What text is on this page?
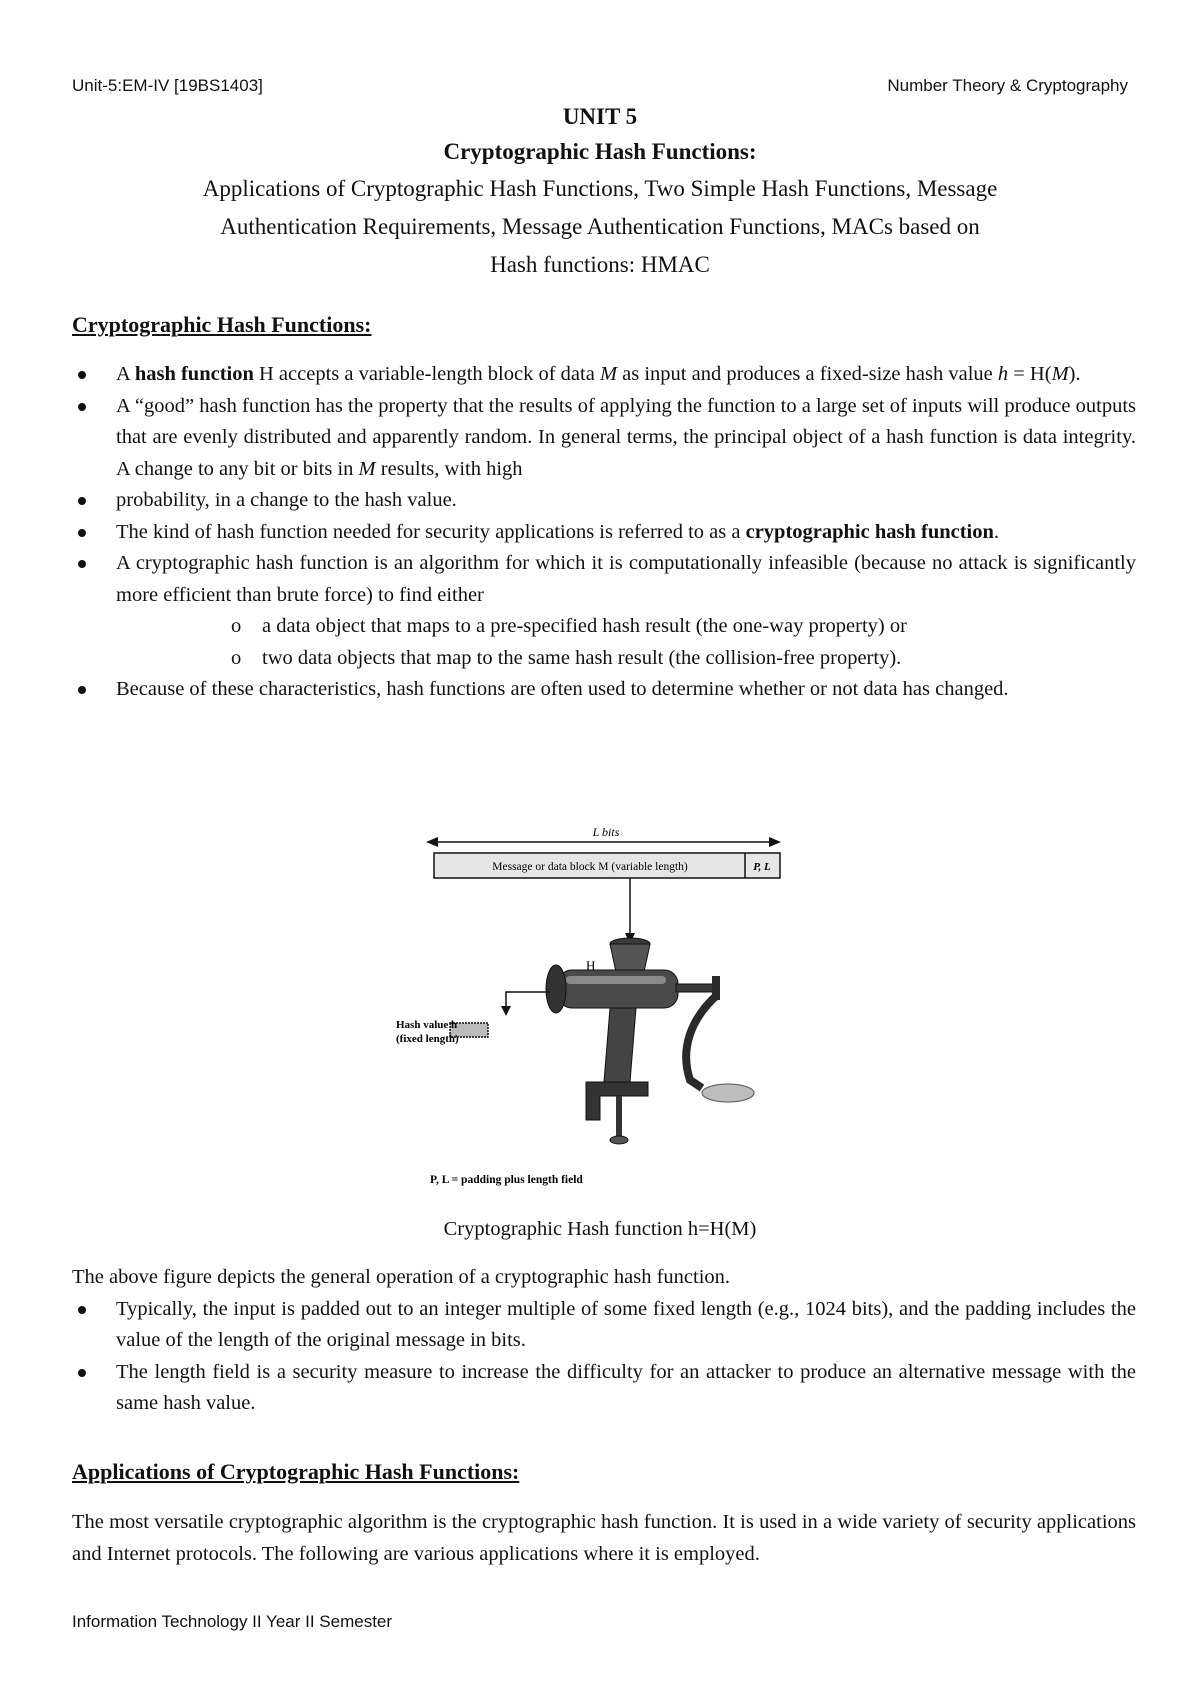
Unit-5:EM-IV [19BS1403]	Number Theory & Cryptography
UNIT 5
Cryptographic Hash Functions:
Applications of Cryptographic Hash Functions, Two Simple Hash Functions, Message
Authentication Requirements, Message Authentication Functions, MACs based on
Hash functions: HMAC
Cryptographic Hash Functions:
A hash function H accepts a variable-length block of data M as input and produces a fixed-size hash value h = H(M).
A “good” hash function has the property that the results of applying the function to a large set of inputs will produce outputs that are evenly distributed and apparently random. In general terms, the principal object of a hash function is data integrity. A change to any bit or bits in M results, with high
probability, in a change to the hash value.
The kind of hash function needed for security applications is referred to as a cryptographic hash function.
A cryptographic hash function is an algorithm for which it is computationally infeasible (because no attack is significantly more efficient than brute force) to find either
o a data object that maps to a pre-specified hash result (the one-way property) or
o two data objects that map to the same hash result (the collision-free property).
Because of these characteristics, hash functions are often used to determine whether or not data has changed.
L bits
Message or data block M (variable length)	P, L
H
Hash value h
(fixed length)
P, L = padding plus length field
Cryptographic Hash function h=H(M)
The above figure depicts the general operation of a cryptographic hash function.
Typically, the input is padded out to an integer multiple of some fixed length (e.g., 1024 bits), and the padding includes the value of the length of the original message in bits.
The length field is a security measure to increase the difficulty for an attacker to produce an alternative message with the same hash value.
Applications of Cryptographic Hash Functions:
The most versatile cryptographic algorithm is the cryptographic hash function. It is used in a wide variety of security applications and Internet protocols. The following are various applications where it is employed.
Information Technology II Year II Semester
